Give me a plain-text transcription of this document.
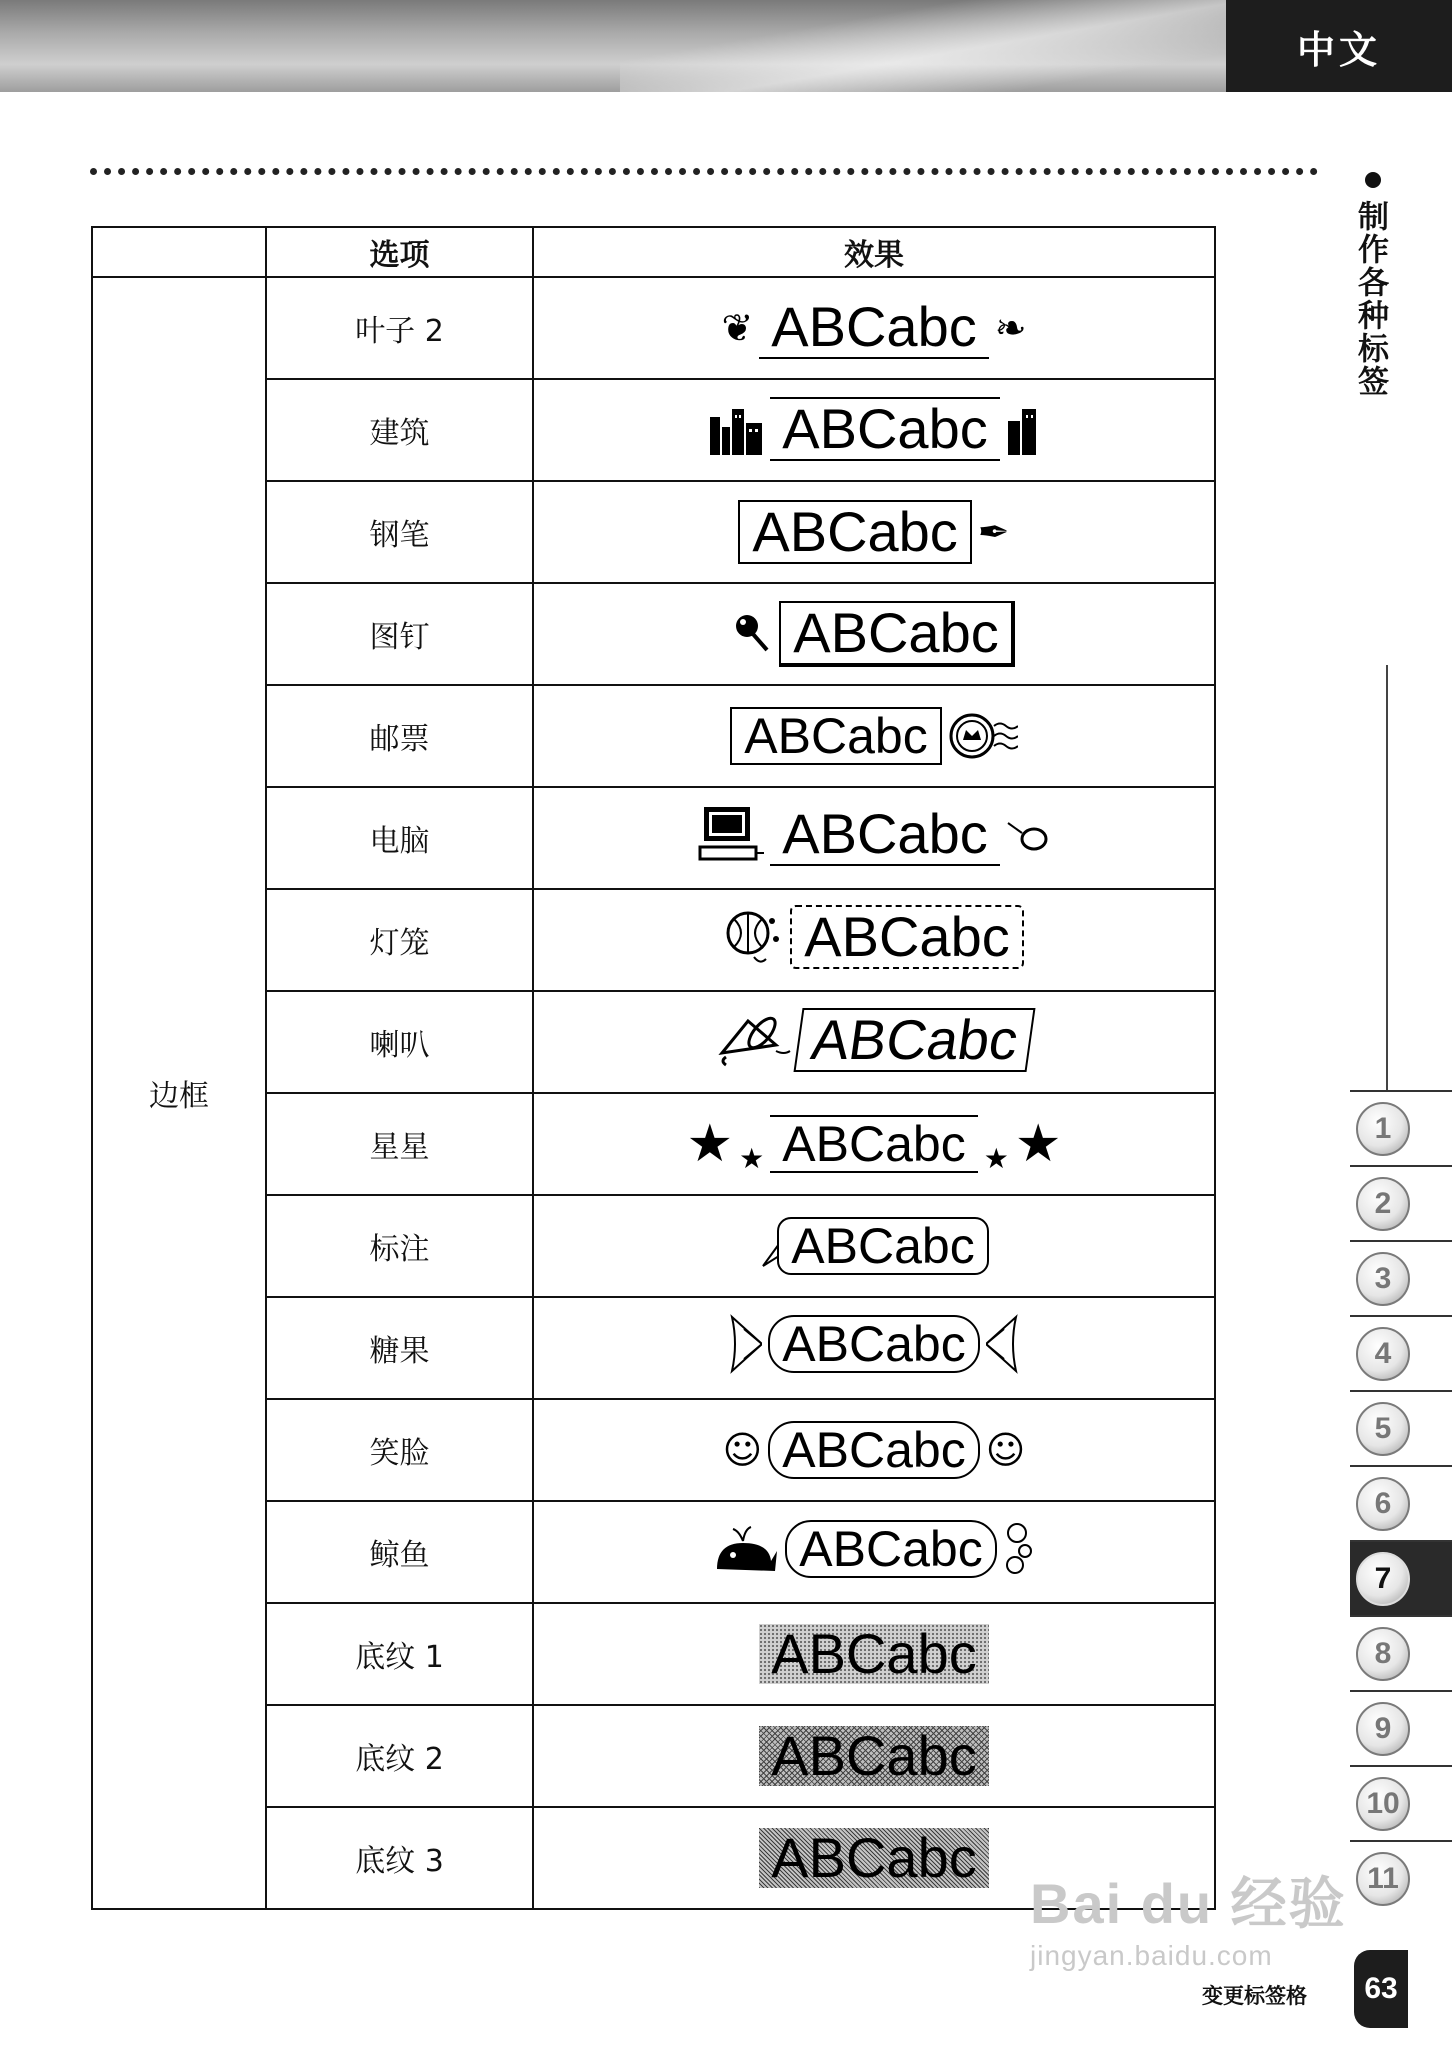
中文
制作各种标签
1
2
3
4
5
6
7
8
9
10
11
	选项	效果
边框	叶子 2	❦ ABCabc ❧

	建筑	ABCabc

	钢笔	ABCabc ✒

	图钉	ABCabc

	邮票	ABCabc

	电脑	ABCabc

	灯笼	ABCabc

	喇叭	ABCabc

	星星	★ ★ ABCabc ★ ★

	标注	ABCabc

	糖果	ABCabc

	笑脸	☺ ABCabc ☺

	鲸鱼	ABCabc

	底纹 1	ABCabc

	底纹 2	ABCabc

	底纹 3	ABCabc
Bai du 经验
jingyan.baidu.com
变更标签格	63
